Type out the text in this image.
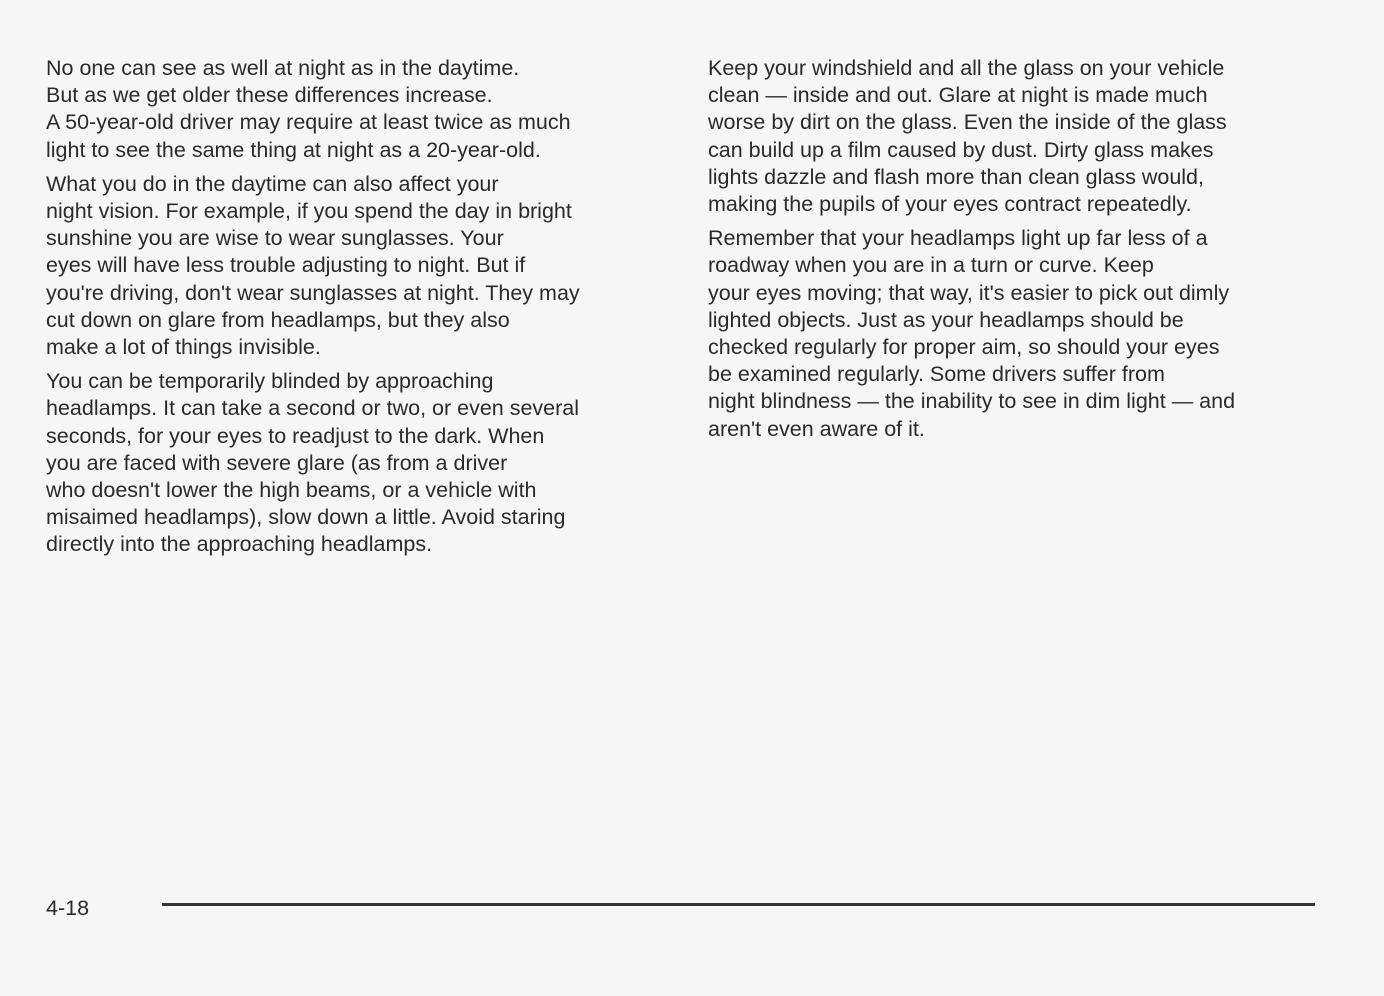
No one can see as well at night as in the daytime.
But as we get older these differences increase.
A 50-year-old driver may require at least twice as much
light to see the same thing at night as a 20-year-old.

What you do in the daytime can also affect your
night vision. For example, if you spend the day in bright
sunshine you are wise to wear sunglasses. Your
eyes will have less trouble adjusting to night. But if
you're driving, don't wear sunglasses at night. They may
cut down on glare from headlamps, but they also
make a lot of things invisible.

You can be temporarily blinded by approaching
headlamps. It can take a second or two, or even several
seconds, for your eyes to readjust to the dark. When
you are faced with severe glare (as from a driver
who doesn't lower the high beams, or a vehicle with
misaimed headlamps), slow down a little. Avoid staring
directly into the approaching headlamps.

Keep your windshield and all the glass on your vehicle
clean — inside and out. Glare at night is made much
worse by dirt on the glass. Even the inside of the glass
can build up a film caused by dust. Dirty glass makes
lights dazzle and flash more than clean glass would,
making the pupils of your eyes contract repeatedly.

Remember that your headlamps light up far less of a
roadway when you are in a turn or curve. Keep
your eyes moving; that way, it's easier to pick out dimly
lighted objects. Just as your headlamps should be
checked regularly for proper aim, so should your eyes
be examined regularly. Some drivers suffer from
night blindness — the inability to see in dim light — and
aren't even aware of it.

4-18
